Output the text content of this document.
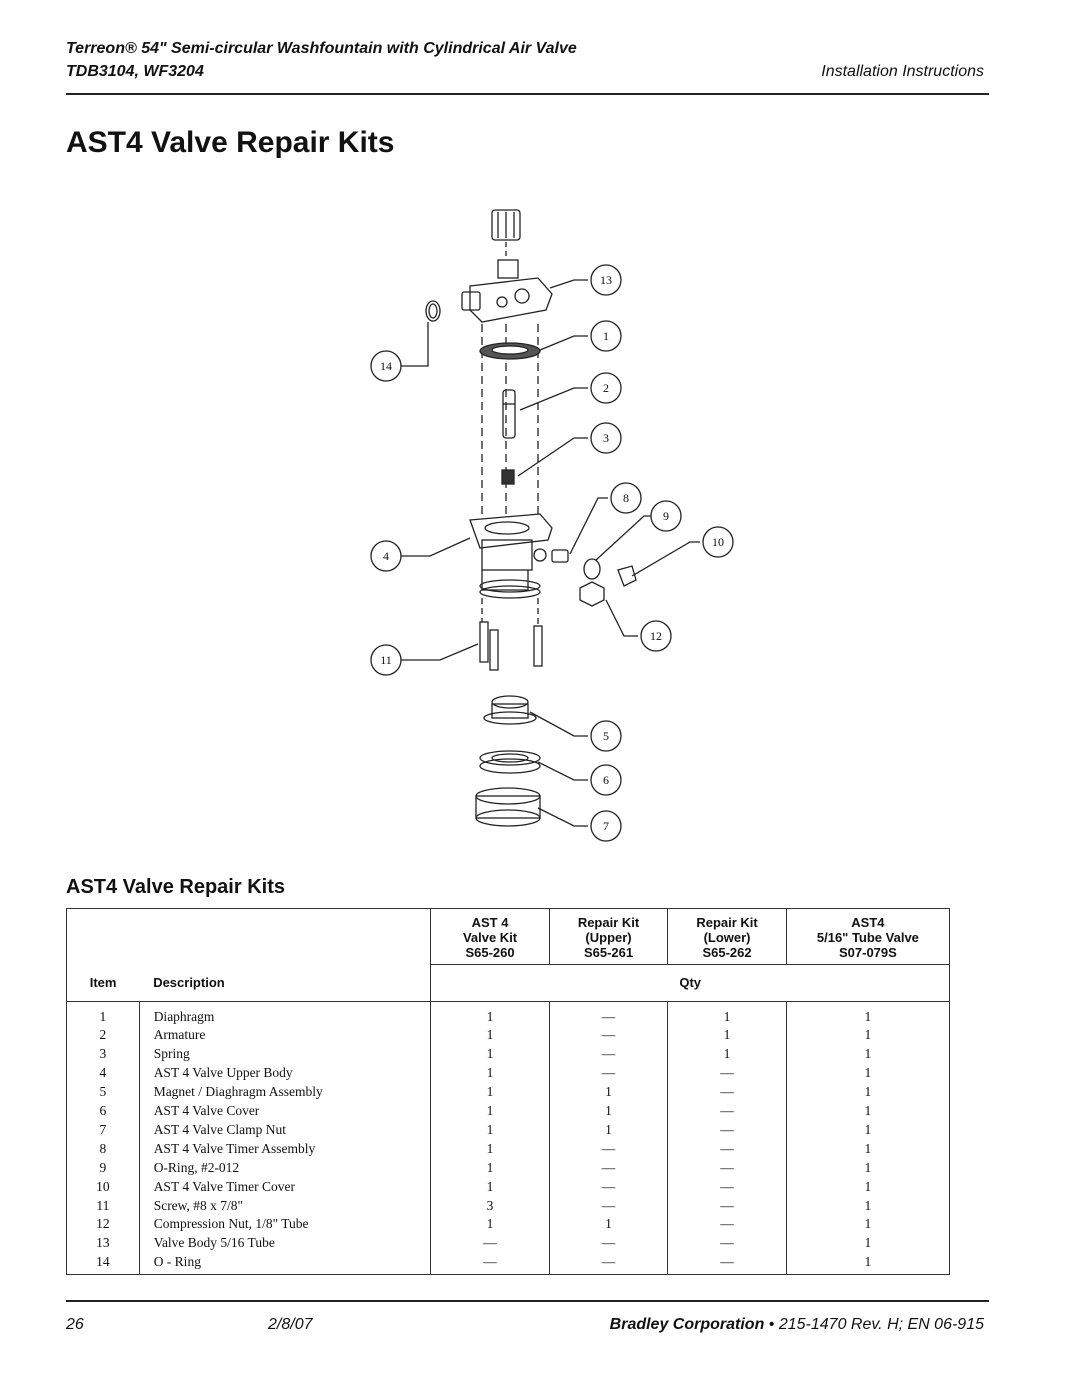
Terreon® 54" Semi-circular Washfountain with Cylindrical Air Valve
TDB3104, WF3204	Installation Instructions
AST4 Valve Repair Kits
13
1
14
2
3
8
9
10
4
12
11
5
6
7
AST4 Valve Repair Kits
		AST 4	Repair Kit	Repair Kit	AST4
		Valve Kit	(Upper)	(Lower)	5/16" Tube Valve
		S65-260	S65-261	S65-262	S07-079S
Item	Description	Qty			
1	Diaphragm	1	—	1	1
2	Armature	1	—	1	1
3	Spring	1	—	1	1
4	AST 4 Valve Upper Body	1	—	—	1
5	Magnet / Diaghragm Assembly	1	1	—	1
6	AST 4 Valve Cover	1	1	—	1
7	AST 4 Valve Clamp Nut	1	1	—	1
8	AST 4 Valve Timer Assembly	1	—	—	1
9	O-Ring, #2-012	1	—	—	1
10	AST 4 Valve Timer Cover	1	—	—	1
11	Screw, #8 x 7/8"	3	—	—	1
12	Compression Nut, 1/8" Tube	1	1	—	1
13	Valve Body 5/16 Tube	—	—	—	1
14	O - Ring	—	—	—	1
26	2/8/07	Bradley Corporation • 215-1470 Rev. H; EN 06-915
